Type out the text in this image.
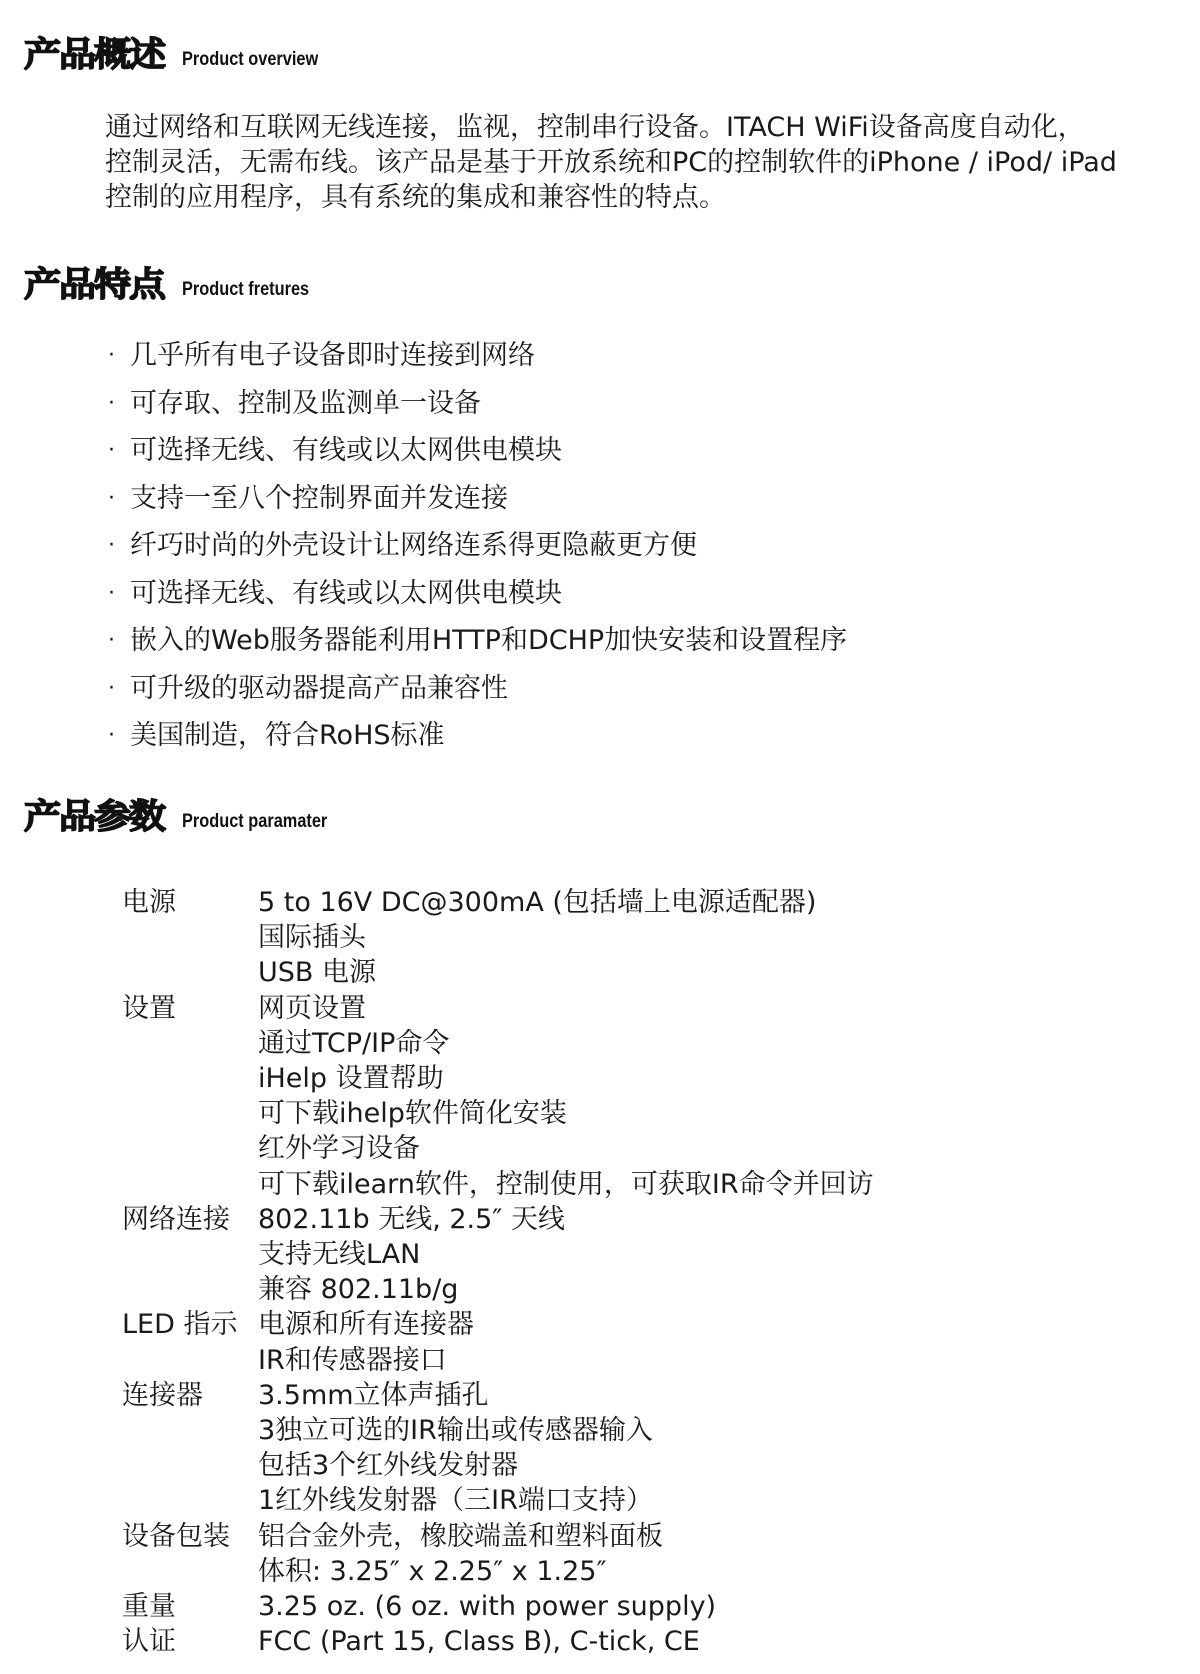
产品概述 Product overview
通过网络和互联网无线连接，监视，控制串行设备。ITACH WiFi设备高度自动化，
控制灵活，无需布线。该产品是基于开放系统和PC的控制软件的iPhone / iPod/ iPad
控制的应用程序，具有系统的集成和兼容性的特点。
产品特点 Product fretures
· 几乎所有电子设备即时连接到网络
· 可存取、控制及监测单一设备
· 可选择无线、有线或以太网供电模块
· 支持一至八个控制界面并发连接
· 纤巧时尚的外壳设计让网络连系得更隐蔽更方便
· 可选择无线、有线或以太网供电模块
· 嵌入的Web服务器能利用HTTP和DCHP加快安装和设置程序
· 可升级的驱动器提高产品兼容性
· 美国制造，符合RoHS标准
产品参数 Product paramater
电源	5 to 16V DC@300mA (包括墙上电源适配器)
国际插头
USB 电源
设置	网页设置
通过TCP/IP命令
iHelp 设置帮助
可下载ihelp软件简化安装
红外学习设备
可下载ilearn软件，控制使用，可获取IR命令并回访
网络连接	802.11b 无线, 2.5″ 天线
支持无线LAN
兼容 802.11b/g
LED 指示 电源和所有连接器
IR和传感器接口
连接器	3.5mm立体声插孔
3独立可选的IR输出或传感器输入
包括3个红外线发射器
1红外线发射器（三IR端口支持）
设备包装	铝合金外壳，橡胶端盖和塑料面板
体积: 3.25″ x 2.25″ x 1.25″
重量	3.25 oz. (6 oz. with power supply)
认证	FCC (Part 15, Class B), C-tick, CE
